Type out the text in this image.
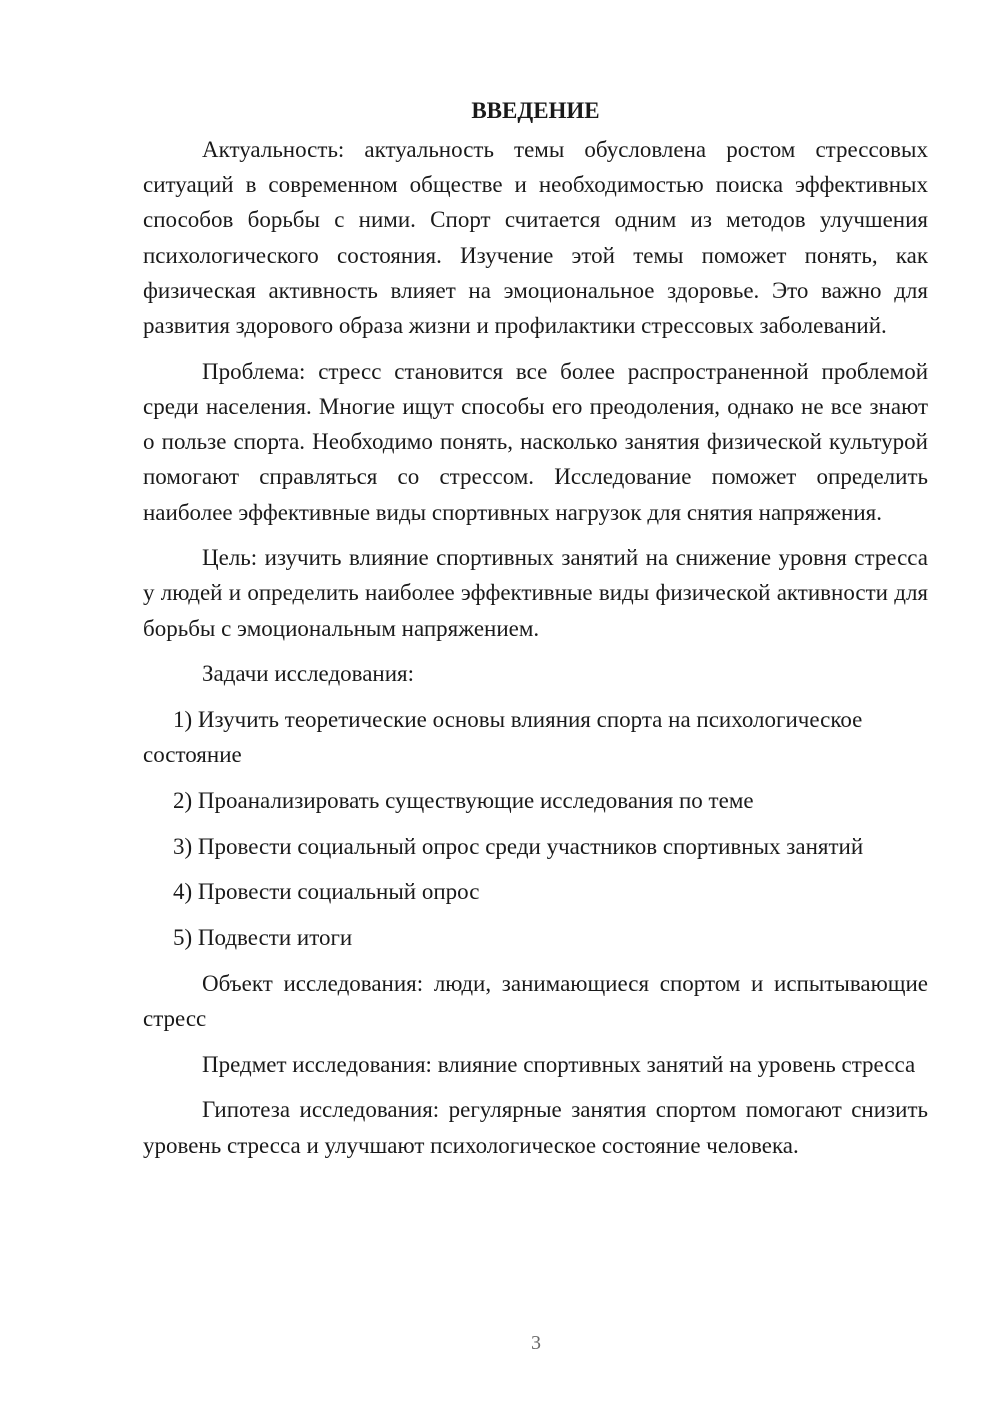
ВВЕДЕНИЕ

Актуальность: актуальность темы обусловлена ростом стрессовых ситуаций в современном обществе и необходимостью поиска эффективных способов борьбы с ними. Спорт считается одним из методов улучшения психологического состояния. Изучение этой темы поможет понять, как физическая активность влияет на эмоциональное здоровье. Это важно для развития здорового образа жизни и профилактики стрессовых заболеваний.

Проблема: стресс становится все более распространенной проблемой среди населения. Многие ищут способы его преодоления, однако не все знают о пользе спорта. Необходимо понять, насколько занятия физической культурой помогают справляться со стрессом. Исследование поможет определить наиболее эффективные виды спортивных нагрузок для снятия напряжения.

Цель: изучить влияние спортивных занятий на снижение уровня стресса у людей и определить наиболее эффективные виды физической активности для борьбы с эмоциональным напряжением.

Задачи исследования:

1) Изучить теоретические основы влияния спорта на психологическое состояние

2) Проанализировать существующие исследования по теме

3) Провести социальный опрос среди участников спортивных занятий

4) Провести социальный опрос

5) Подвести итоги

Объект исследования: люди, занимающиеся спортом и испытывающие стресс

Предмет исследования: влияние спортивных занятий на уровень стресса

Гипотеза исследования: регулярные занятия спортом помогают снизить уровень стресса и улучшают психологическое состояние человека.

3
